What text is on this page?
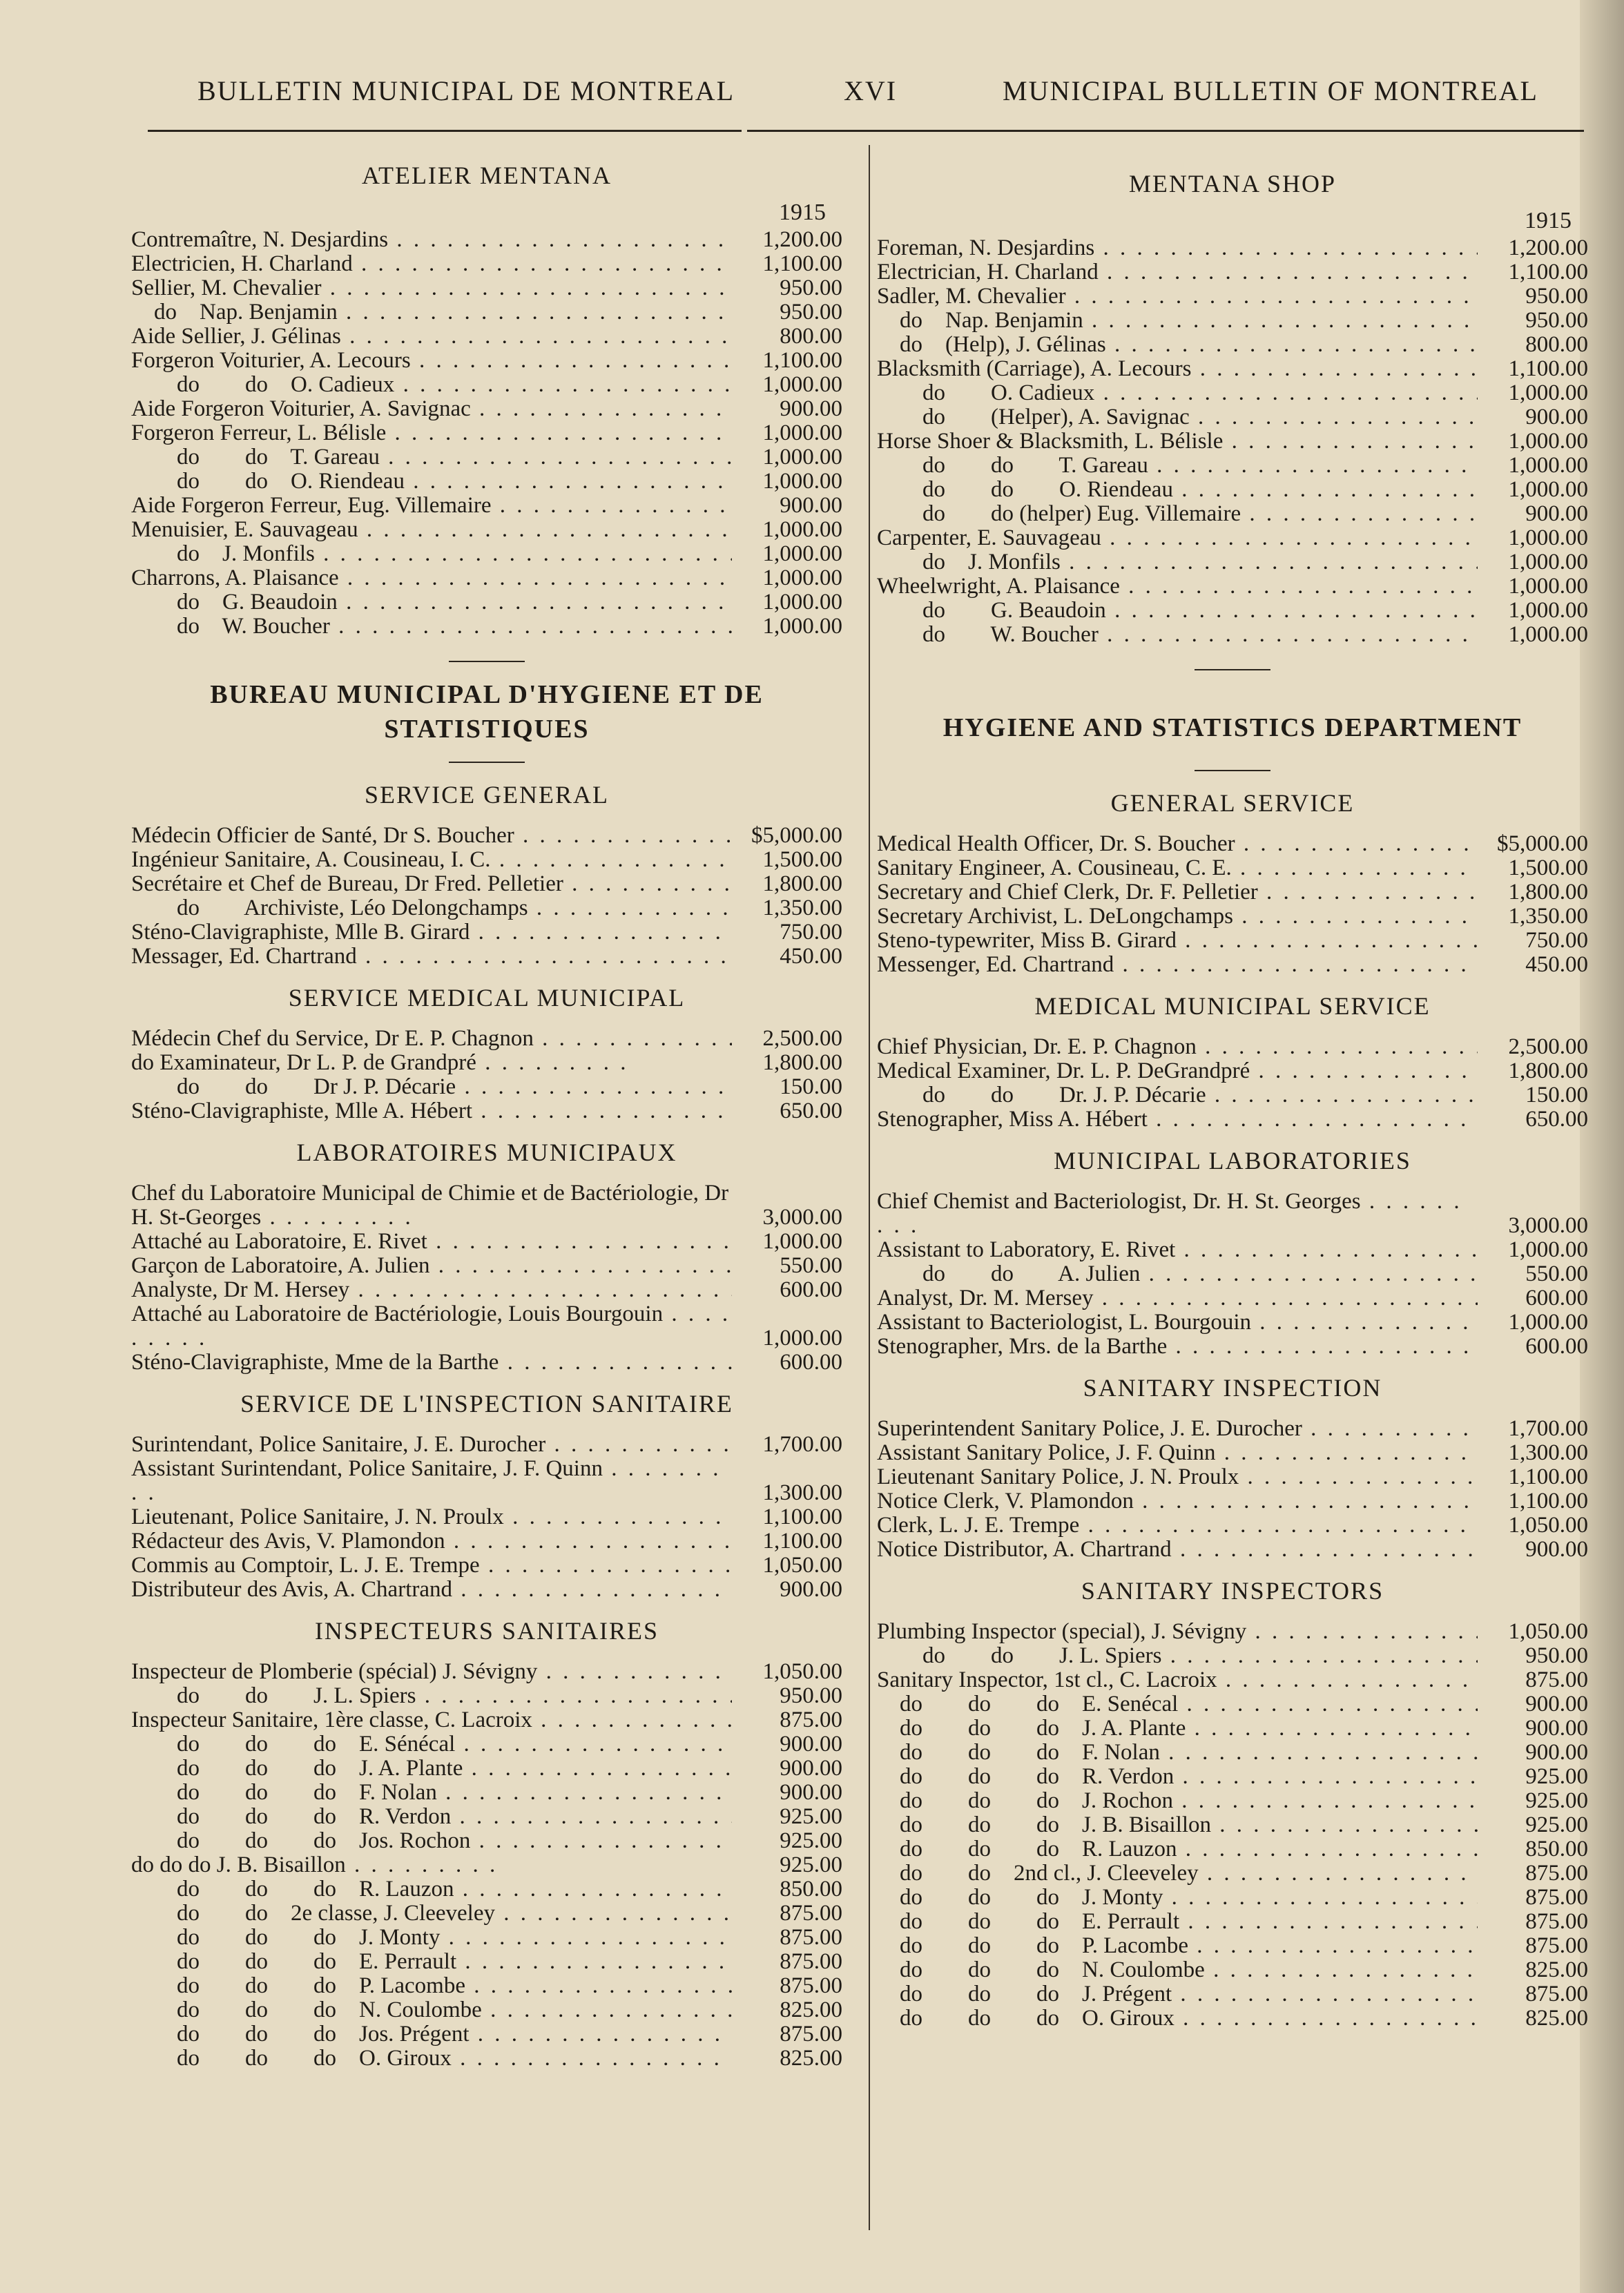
BULLETIN MUNICIPAL DE MONTREAL	XVI	MUNICIPAL BULLETIN OF MONTREAL

ATELIER MENTANA

1915
Contremaître, N. Desjardins . . .	1,200.00
Electricien, H. Charland . . .	1,100.00
Sellier, M. Chevalier . . .	950.00
do    Nap. Benjamin . . .	950.00
Aide Sellier, J. Gélinas . . .	800.00
Forgeron Voiturier, A. Lecours . . .	1,100.00
do        do    O. Cadieux . . .	1,000.00
Aide Forgeron Voiturier, A. Savignac . . .	900.00
Forgeron Ferreur, L. Bélisle . . .	1,000.00
do        do    T. Gareau . . .	1,000.00
do        do    O. Riendeau . . .	1,000.00
Aide Forgeron Ferreur, Eug. Villemaire . . .	900.00
Menuisier, E. Sauvageau . . .	1,000.00
do    J. Monfils . . .	1,000.00
Charrons, A. Plaisance . . .	1,000.00
do    G. Beaudoin . . .	1,000.00
do    W. Boucher . . .	1,000.00

BUREAU MUNICIPAL D'HYGIENE ET DE STATISTIQUES

SERVICE GENERAL

Médecin Officier de Santé, Dr S. Boucher . . .	$5,000.00
Ingénieur Sanitaire, A. Cousineau, I. C. . . .	1,500.00
Secrétaire et Chef de Bureau, Dr Fred. Pelletier . . .	1,800.00
do        Archiviste, Léo Delongchamps . . .	1,350.00
Sténo-Clavigraphiste, Mlle B. Girard . . .	750.00
Messager, Ed. Chartrand . . .	450.00

SERVICE MEDICAL MUNICIPAL

Médecin Chef du Service, Dr E. P. Chagnon . . .	2,500.00
do Examinateur, Dr L. P. de Grandpré . . .	1,800.00
do        do        Dr J. P. Décarie . . .	150.00
Sténo-Clavigraphiste, Mlle A. Hébert . . .	650.00

LABORATOIRES MUNICIPAUX

Chef du Laboratoire Municipal de Chimie et de Bactériologie, Dr H. St-Georges . . .	3,000.00
Attaché au Laboratoire, E. Rivet . . .	1,000.00
Garçon de Laboratoire, A. Julien . . .	550.00
Analyste, Dr M. Hersey . . .	600.00
Attaché au Laboratoire de Bactériologie, Louis Bourgouin . . .
1,000.00
Sténo-Clavigraphiste, Mme de la Barthe . . .	600.00

SERVICE DE L'INSPECTION SANITAIRE

Surintendant, Police Sanitaire, J. E. Durocher . . .	1,700.00
Assistant Surintendant, Police Sanitaire, J. F. Quinn . . .
1,300.00
Lieutenant, Police Sanitaire, J. N. Proulx . . .	1,100.00
Rédacteur des Avis, V. Plamondon . . .	1,100.00
Commis au Comptoir, L. J. E. Trempe . . .	1,050.00
Distributeur des Avis, A. Chartrand . . .	900.00

INSPECTEURS SANITAIRES

Inspecteur de Plomberie (spécial) J. Sévigny . . .	1,050.00
do        do        J. L. Spiers . . .	950.00
Inspecteur Sanitaire, 1ère classe, C. Lacroix . . .	875.00
do        do        do    E. Sénécal . . .	900.00
do        do        do    J. A. Plante . . .	900.00
do        do        do    F. Nolan . . .	900.00
do        do        do    R. Verdon . . .	925.00
do        do        do    Jos. Rochon . . .	925.00
do do do J. B. Bisaillon . . .	925.00
do        do        do    R. Lauzon . . .	850.00
do        do    2e classe, J. Cleeveley . . .	875.00
do        do        do    J. Monty . . .	875.00
do        do        do    E. Perrault . . .	875.00
do        do        do    P. Lacombe . . .	875.00
do        do        do    N. Coulombe . . .	825.00
do        do        do    Jos. Prégent . . .	875.00
do        do        do    O. Giroux . . .	825.00

MENTANA SHOP

1915
Foreman, N. Desjardins . . .	1,200.00
Electrician, H. Charland . . .	1,100.00
Sadler, M. Chevalier . . .	950.00
do    Nap. Benjamin . . .	950.00
do    (Help), J. Gélinas . . .	800.00
Blacksmith (Carriage), A. Lecours . . .	1,100.00
do        O. Cadieux . . .	1,000.00
do        (Helper), A. Savignac . . .	900.00
Horse Shoer & Blacksmith, L. Bélisle . . .	1,000.00
do        do        T. Gareau . . .	1,000.00
do        do        O. Riendeau . . .	1,000.00
do        do (helper) Eug. Villemaire . . .	900.00
Carpenter, E. Sauvageau . . .	1,000.00
do    J. Monfils . . .	1,000.00
Wheelwright, A. Plaisance . . .	1,000.00
do        G. Beaudoin . . .	1,000.00
do        W. Boucher . . .	1,000.00

HYGIENE AND STATISTICS DEPARTMENT

GENERAL SERVICE

Medical Health Officer, Dr. S. Boucher . . .	$5,000.00
Sanitary Engineer, A. Cousineau, C. E. . . .	1,500.00
Secretary and Chief Clerk, Dr. F. Pelletier . . .	1,800.00
Secretary Archivist, L. DeLongchamps . . .	1,350.00
Steno-typewriter, Miss B. Girard . . .	750.00
Messenger, Ed. Chartrand . . .	450.00

MEDICAL MUNICIPAL SERVICE

Chief Physician, Dr. E. P. Chagnon . . .	2,500.00
Medical Examiner, Dr. L. P. DeGrandpré . . .	1,800.00
do        do        Dr. J. P. Décarie . . .	150.00
Stenographer, Miss A. Hébert . . .	650.00

MUNICIPAL LABORATORIES

Chief Chemist and Bacteriologist, Dr. H. St. Georges . . .
3,000.00
Assistant to Laboratory, E. Rivet . . .	1,000.00
do        do        A. Julien . . .	550.00
Analyst, Dr. M. Mersey . . .	600.00
Assistant to Bacteriologist, L. Bourgouin . . .	1,000.00
Stenographer, Mrs. de la Barthe . . .	600.00

SANITARY INSPECTION

Superintendent Sanitary Police, J. E. Durocher . . .	1,700.00
Assistant Sanitary Police, J. F. Quinn . . .	1,300.00
Lieutenant Sanitary Police, J. N. Proulx . . .	1,100.00
Notice Clerk, V. Plamondon . . .	1,100.00
Clerk, L. J. E. Trempe . . .	1,050.00
Notice Distributor, A. Chartrand . . .	900.00

SANITARY INSPECTORS

Plumbing Inspector (special), J. Sévigny . . .	1,050.00
do        do        J. L. Spiers . . .	950.00
Sanitary Inspector, 1st cl., C. Lacroix . . .	875.00
do        do        do    E. Senécal . . .	900.00
do        do        do    J. A. Plante . . .	900.00
do        do        do    F. Nolan . . .	900.00
do        do        do    R. Verdon . . .	925.00
do        do        do    J. Rochon . . .	925.00
do        do        do    J. B. Bisaillon . . .	925.00
do        do        do    R. Lauzon . . .	850.00
do        do    2nd cl., J. Cleeveley . . .	875.00
do        do        do    J. Monty . . .	875.00
do        do        do    E. Perrault . . .	875.00
do        do        do    P. Lacombe . . .	875.00
do        do        do    N. Coulombe . . .	825.00
do        do        do    J. Prégent . . .	875.00
do        do        do    O. Giroux . . .	825.00
